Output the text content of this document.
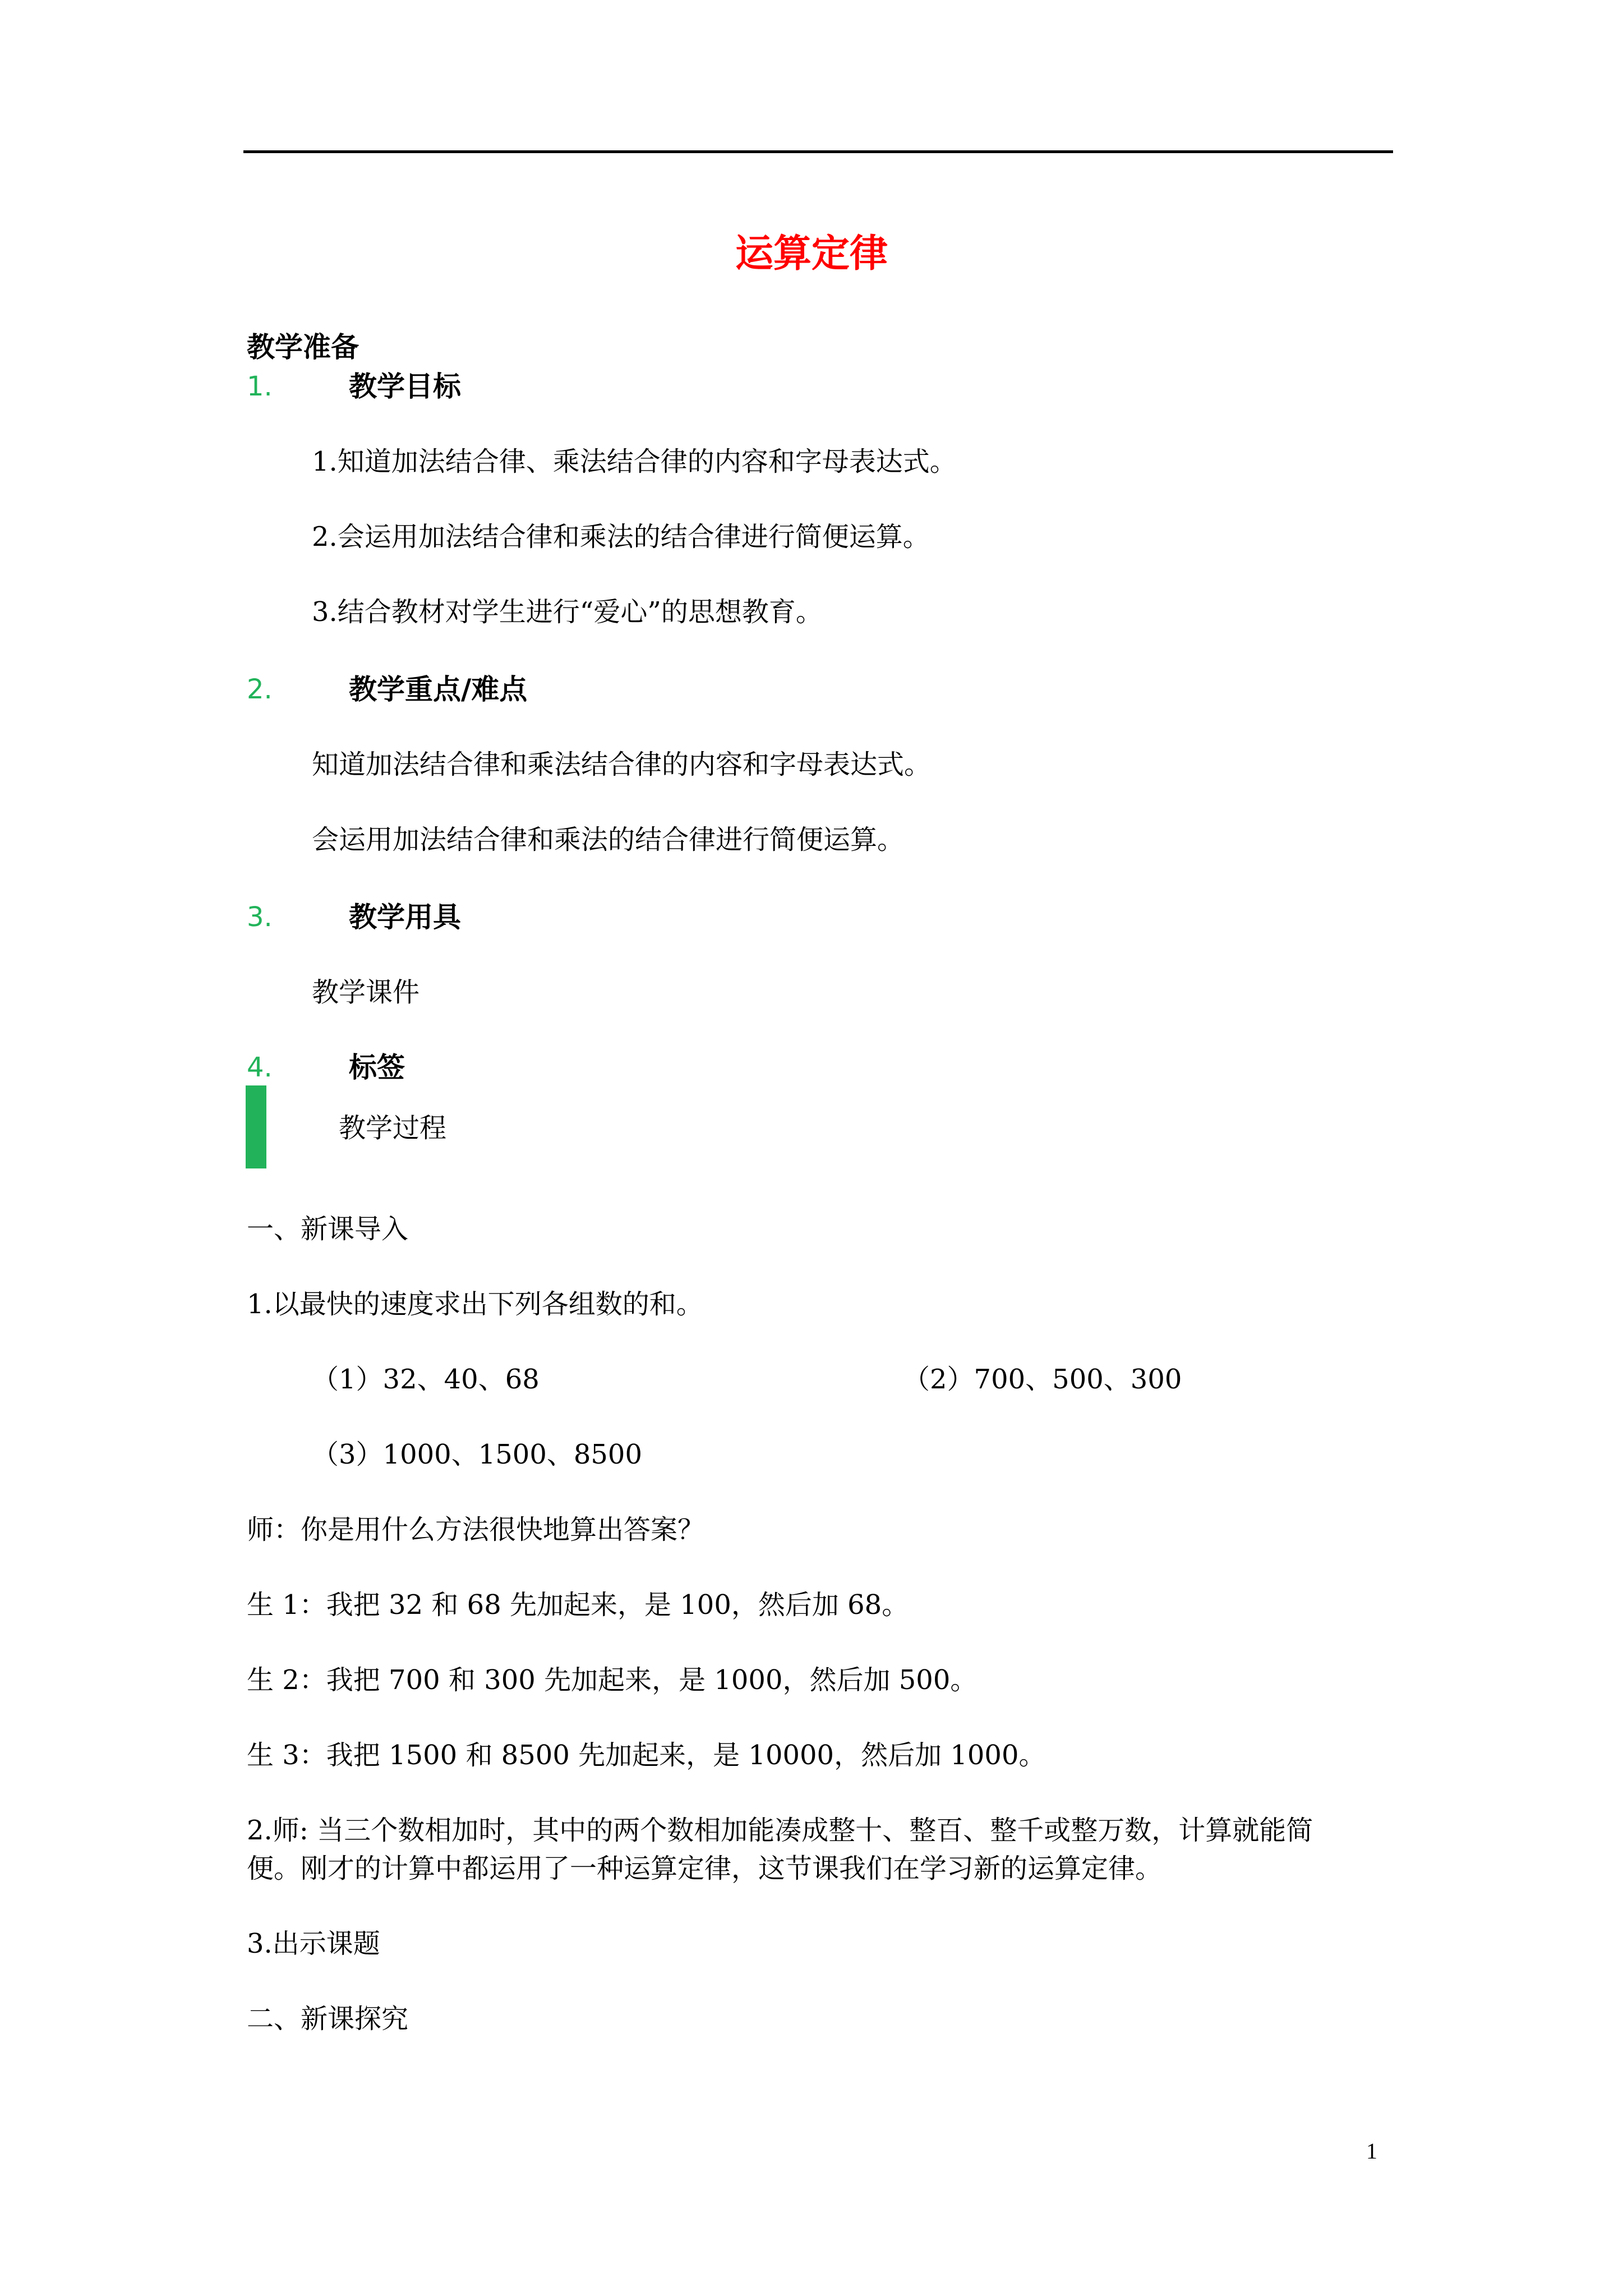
运算定律
教学准备
1.	教学目标
1.知道加法结合律、乘法结合律的内容和字母表达式。
2.会运用加法结合律和乘法的结合律进行简便运算。
3.结合教材对学生进行“爱心”的思想教育。
2.	教学重点/难点
知道加法结合律和乘法结合律的内容和字母表达式。
会运用加法结合律和乘法的结合律进行简便运算。
3.	教学用具
教学课件
4.	标签
教学过程
一、新课导入
1.以最快的速度求出下列各组数的和。
（1）32、40、68	（2）700、500、300
（3）1000、1500、8500
师：你是用什么方法很快地算出答案？
生 1：我把 32 和 68 先加起来，是 100，然后加 68。
生 2：我把 700 和 300 先加起来，是 1000，然后加 500。
生 3：我把 1500 和 8500 先加起来，是 10000，然后加 1000。
2.师: 当三个数相加时，其中的两个数相加能凑成整十、整百、整千或整万数，计算就能简
便。刚才的计算中都运用了一种运算定律，这节课我们在学习新的运算定律。
3.出示课题
二、新课探究
1
